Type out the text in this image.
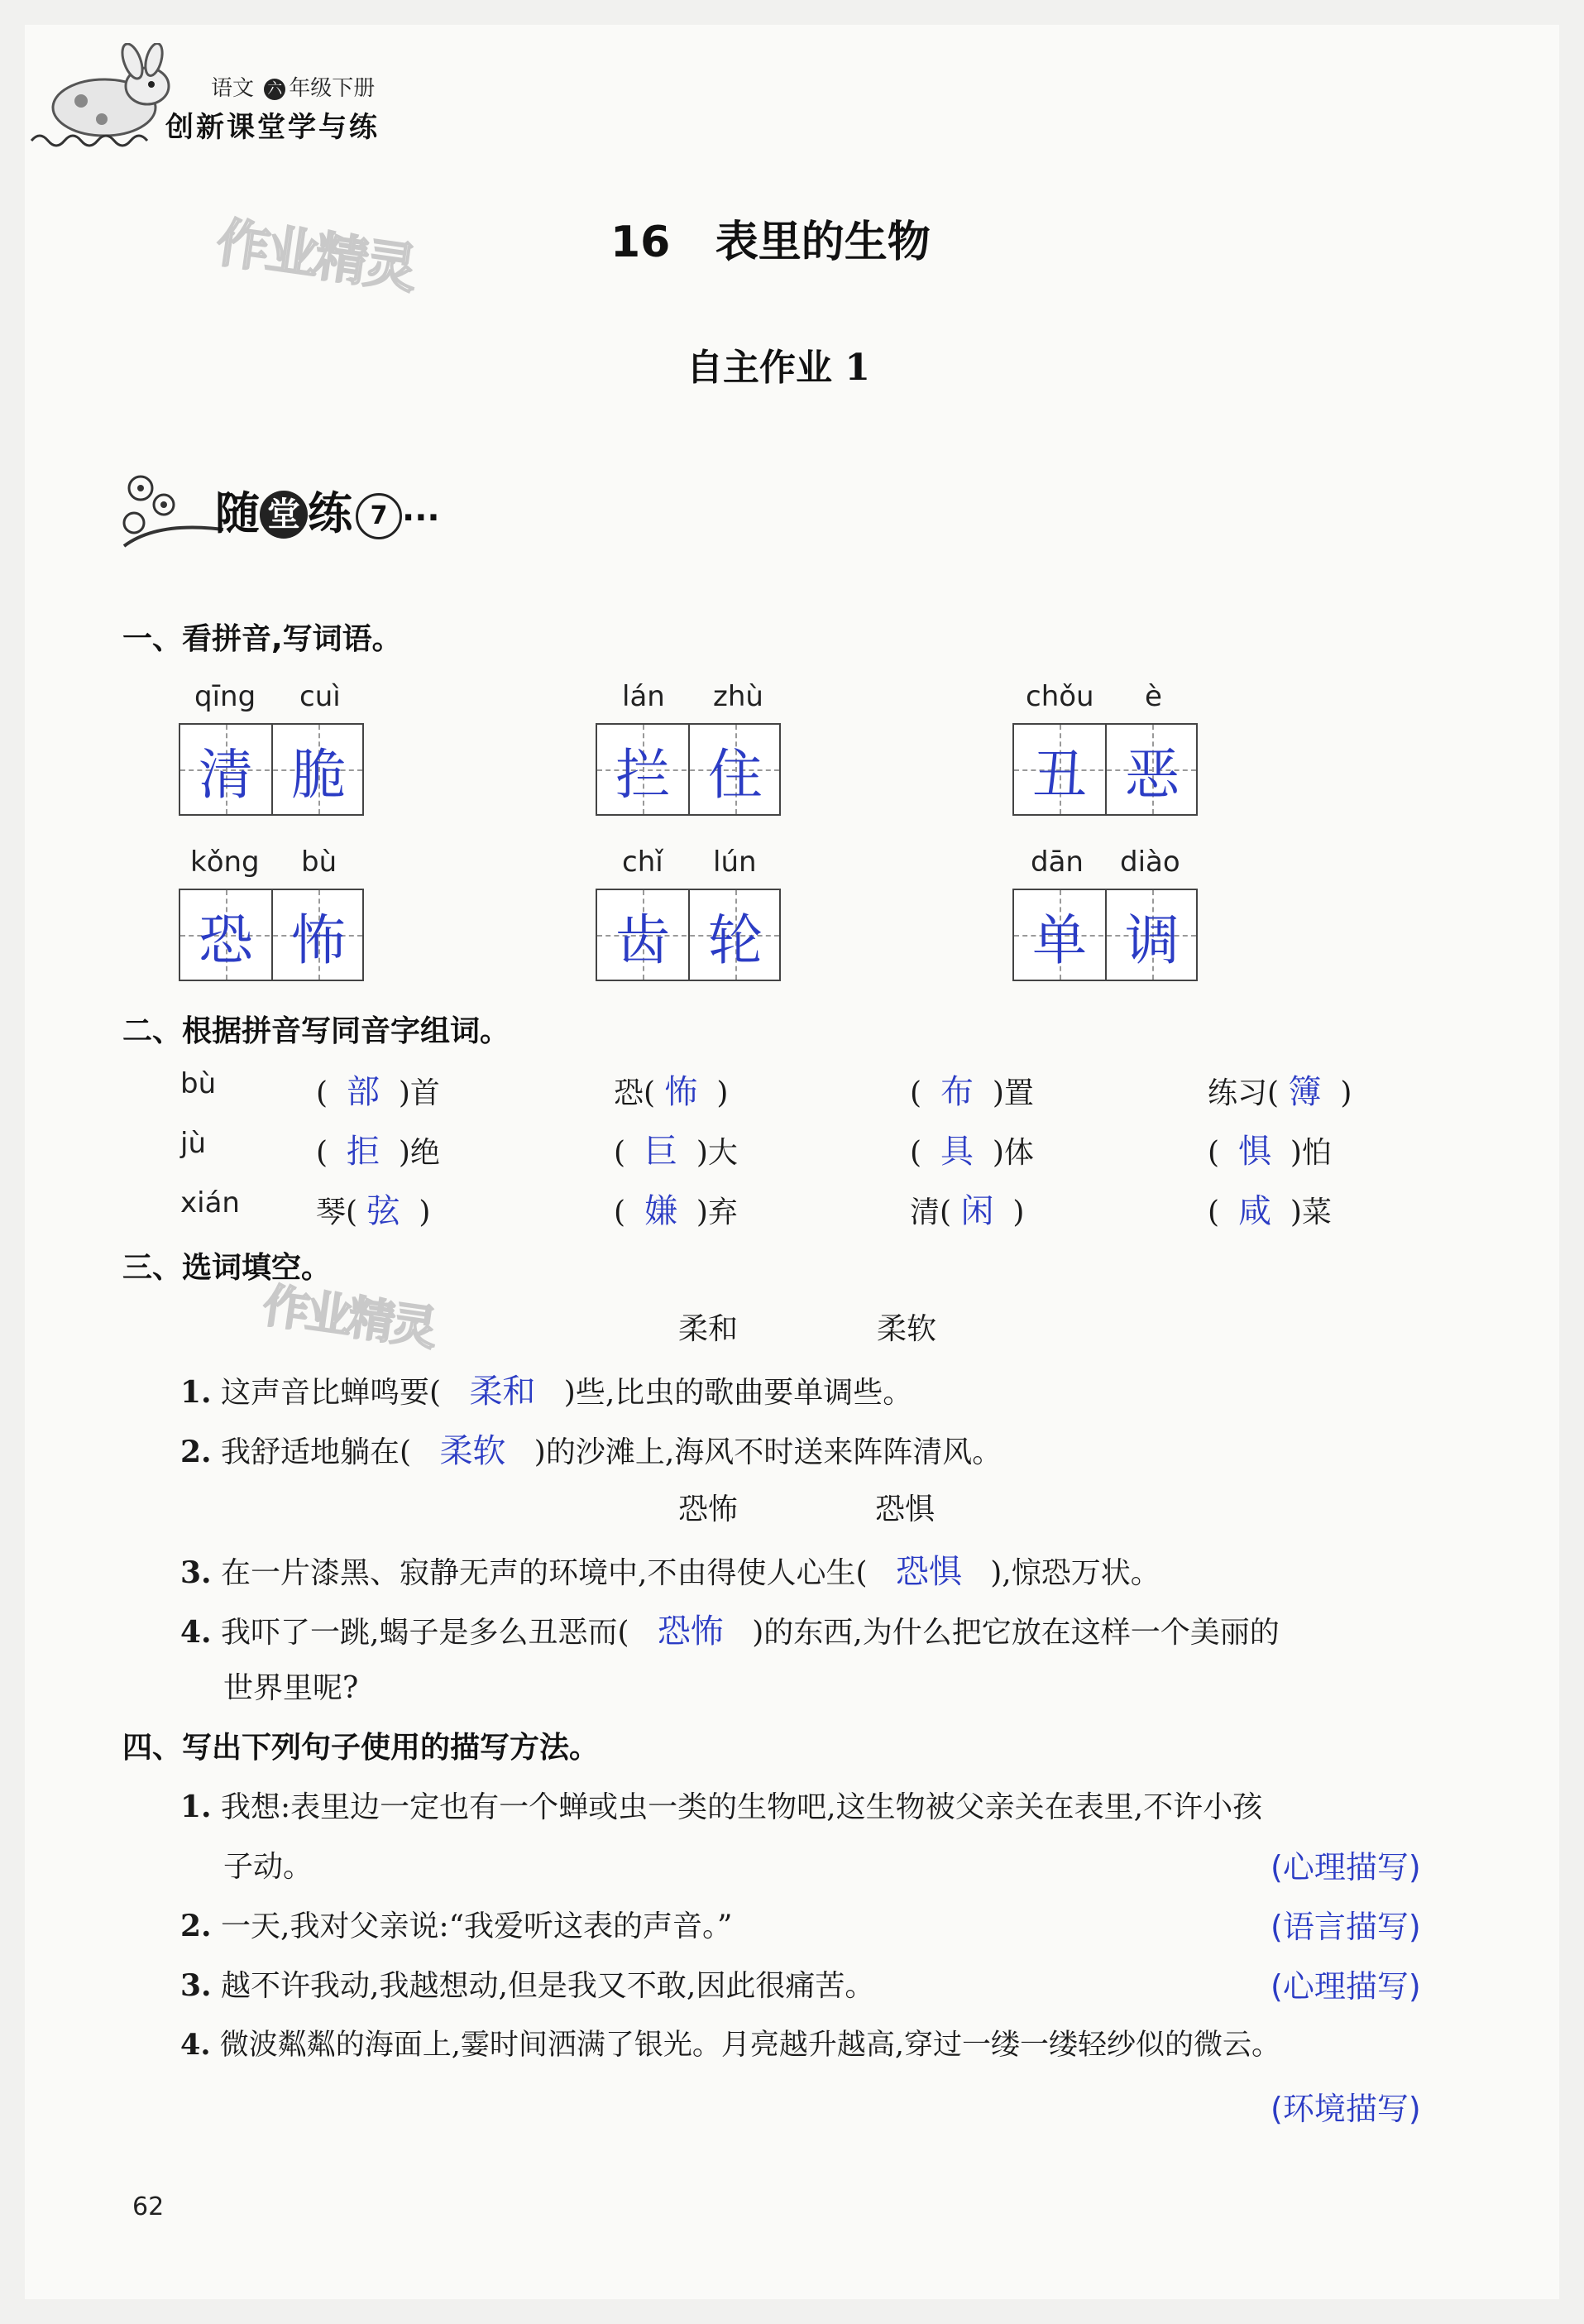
语文 六 年级下册
创新课堂学与练
作业精灵	16 表里的生物
自主作业 1
随 堂 练 7 ···
一、看拼音,写词语。
qīng cuì
清 脆
lán zhù
拦 住
chǒu è
丑 恶
kǒng bù
恐 怖
chǐ lún
齿 轮
dān diào
单 调
二、根据拼音写同音字组词。
bù	( 部 )首	恐( 怖 )	( 布 )置	练习( 簿 )
jù	( 拒 )绝	( 巨 )大	( 具 )体	( 惧 )怕
xián	琴( 弦 )	( 嫌 )弃	清( 闲 )	( 咸 )菜
三、选词填空。
作业精灵	柔和	柔软
1. 这声音比蝉鸣要( 柔和 )些,比虫的歌曲要单调些。
2. 我舒适地躺在( 柔软 )的沙滩上,海风不时送来阵阵清风。
恐怖	恐惧
3. 在一片漆黑、寂静无声的环境中,不由得使人心生( 恐惧 ),惊恐万状。
4. 我吓了一跳,蝎子是多么丑恶而( 恐怖 )的东西,为什么把它放在这样一个美丽的
世界里呢?
四、写出下列句子使用的描写方法。
1. 我想:表里边一定也有一个蝉或虫一类的生物吧,这生物被父亲关在表里,不许小孩
子动。	(心理描写)
2. 一天,我对父亲说:“我爱听这表的声音。”	(语言描写)
3. 越不许我动,我越想动,但是我又不敢,因此很痛苦。	(心理描写)
4. 微波粼粼的海面上,霎时间洒满了银光。月亮越升越高,穿过一缕一缕轻纱似的微云。
(环境描写)
62
